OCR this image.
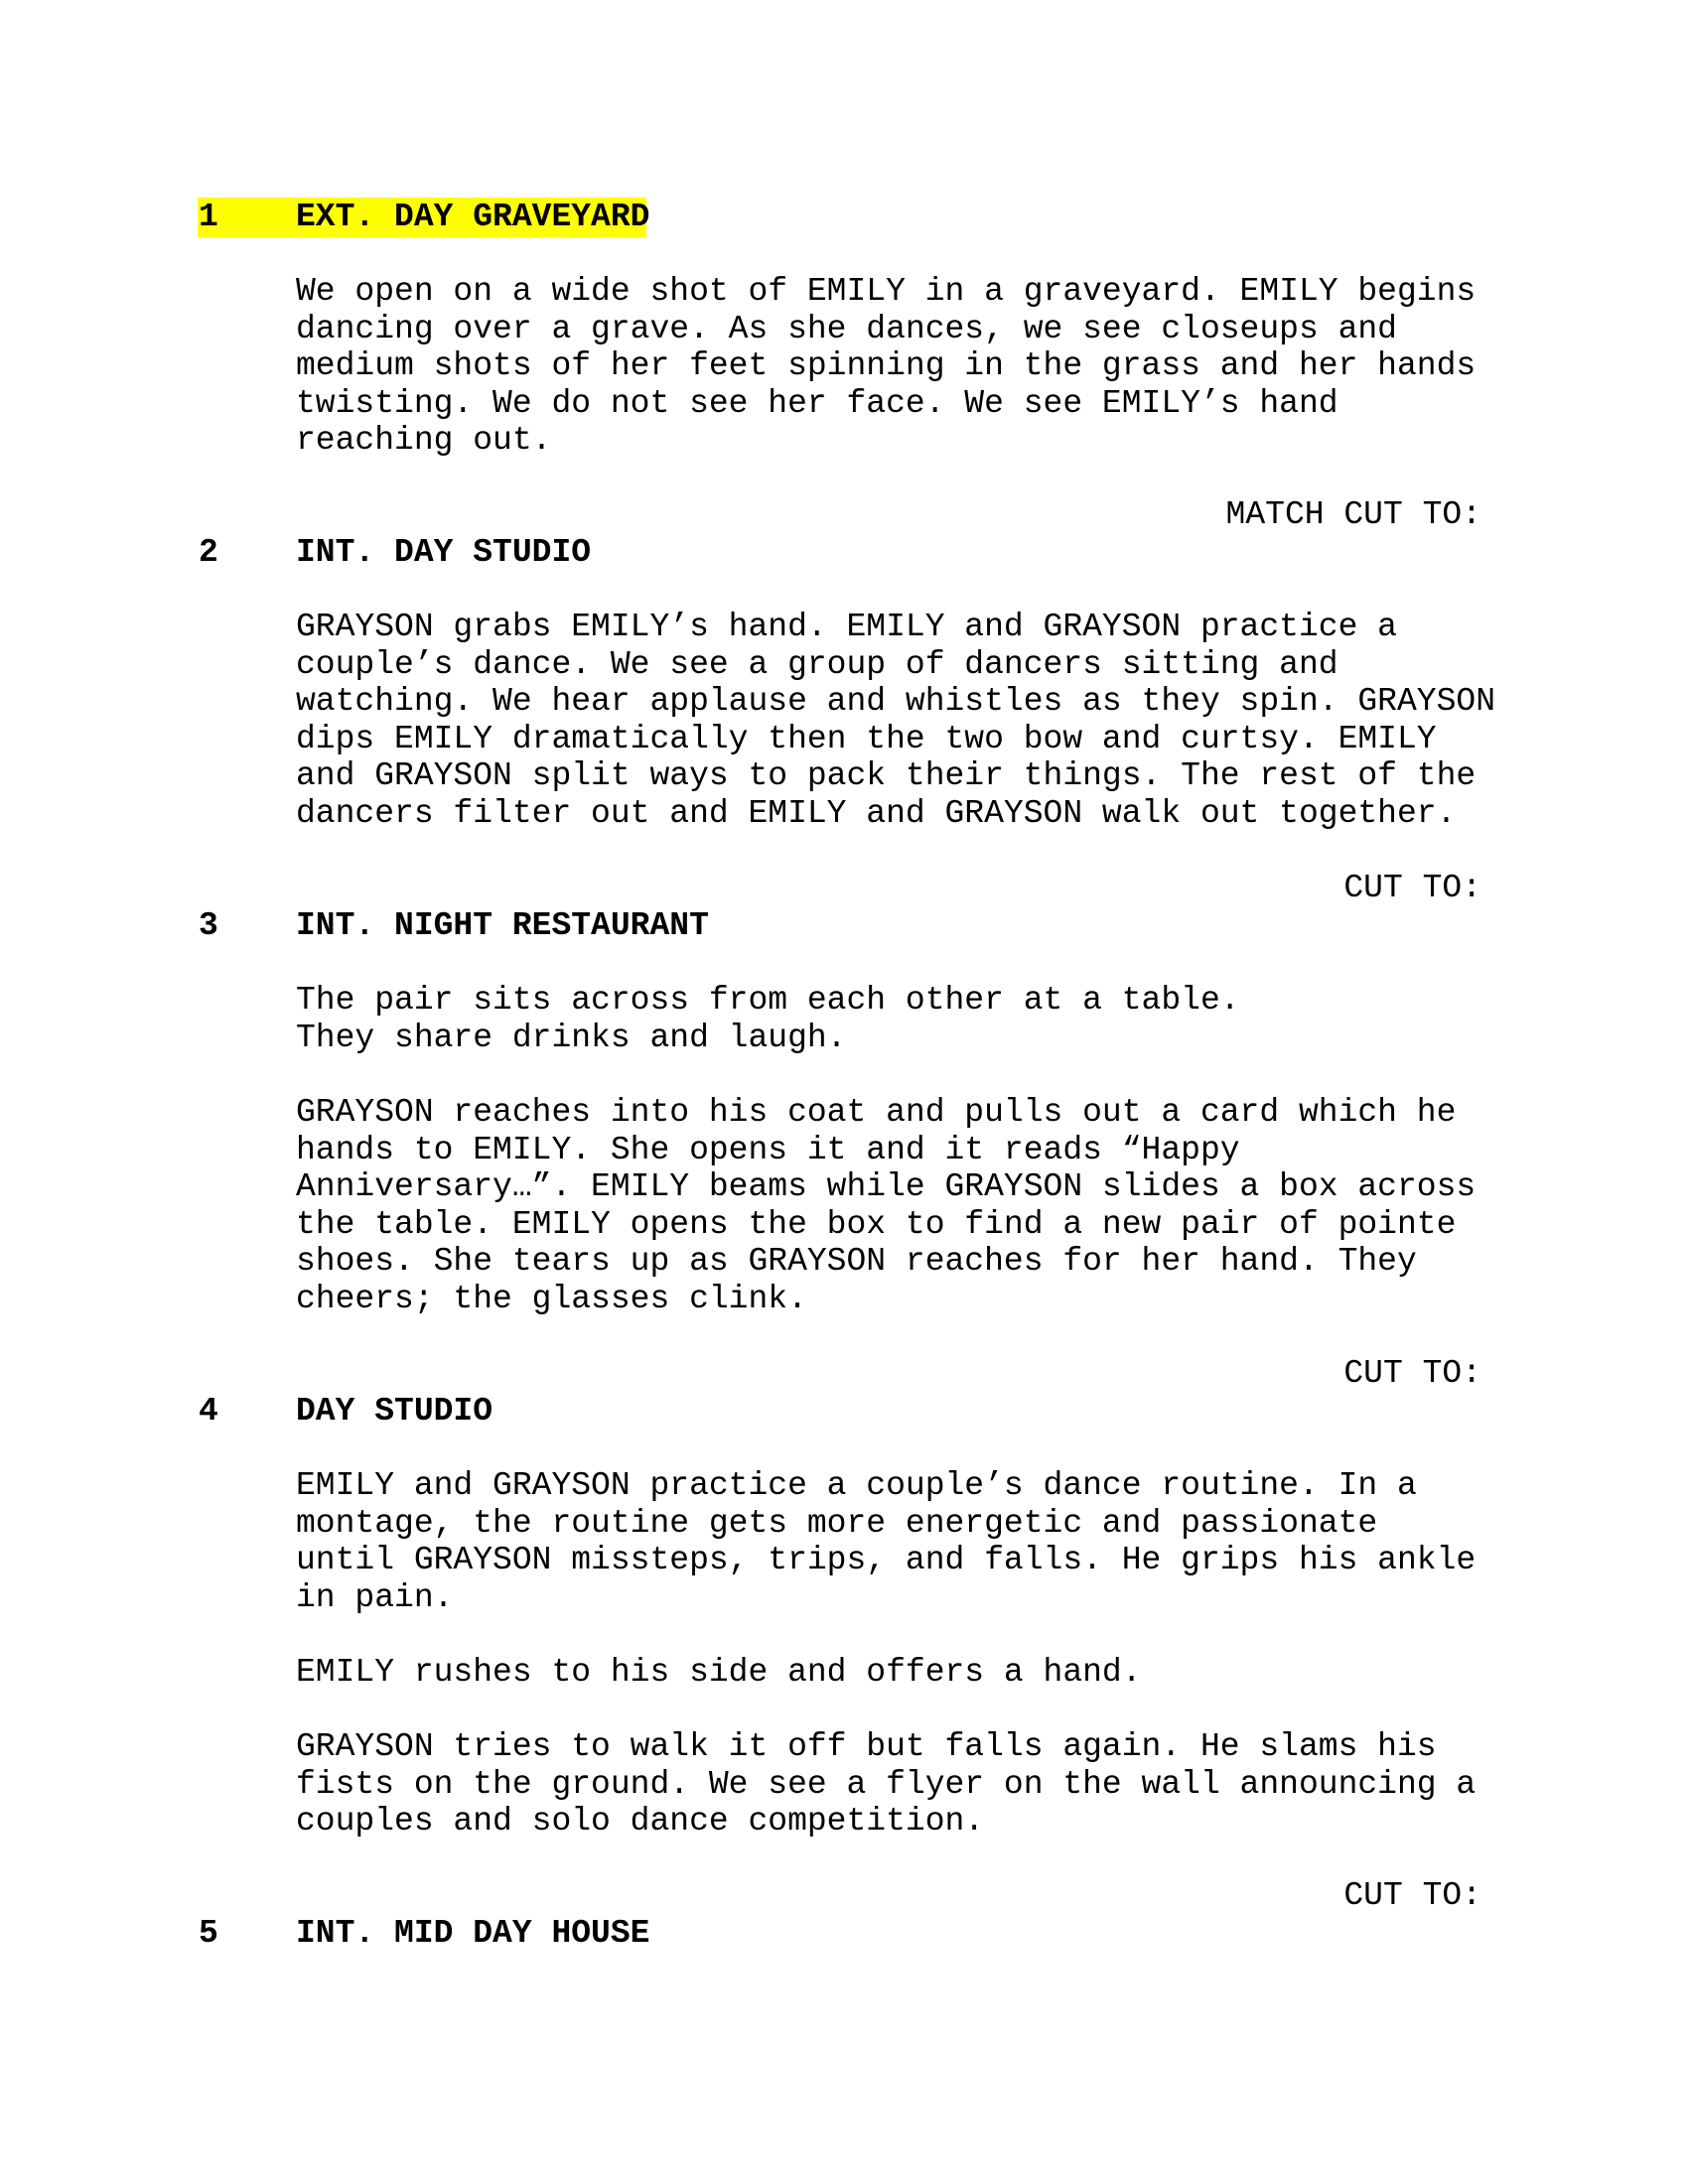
1 EXT. DAY GRAVEYARD
We open on a wide shot of EMILY in a graveyard. EMILY begins
dancing over a grave. As she dances, we see closeups and
medium shots of her feet spinning in the grass and her hands
twisting. We do not see her face. We see EMILY’s hand
reaching out.
MATCH CUT TO:
2 INT. DAY STUDIO
GRAYSON grabs EMILY’s hand. EMILY and GRAYSON practice a
couple’s dance. We see a group of dancers sitting and
watching. We hear applause and whistles as they spin. GRAYSON
dips EMILY dramatically then the two bow and curtsy. EMILY
and GRAYSON split ways to pack their things. The rest of the
dancers filter out and EMILY and GRAYSON walk out together.
CUT TO:
3 INT. NIGHT RESTAURANT
The pair sits across from each other at a table.
They share drinks and laugh.
GRAYSON reaches into his coat and pulls out a card which he
hands to EMILY. She opens it and it reads “Happy
Anniversary…”. EMILY beams while GRAYSON slides a box across
the table. EMILY opens the box to find a new pair of pointe
shoes. She tears up as GRAYSON reaches for her hand. They
cheers; the glasses clink.
CUT TO:
4 DAY STUDIO
EMILY and GRAYSON practice a couple’s dance routine. In a
montage, the routine gets more energetic and passionate
until GRAYSON missteps, trips, and falls. He grips his ankle
in pain.
EMILY rushes to his side and offers a hand.
GRAYSON tries to walk it off but falls again. He slams his
fists on the ground. We see a flyer on the wall announcing a
couples and solo dance competition.
CUT TO:
5 INT. MID DAY HOUSE
